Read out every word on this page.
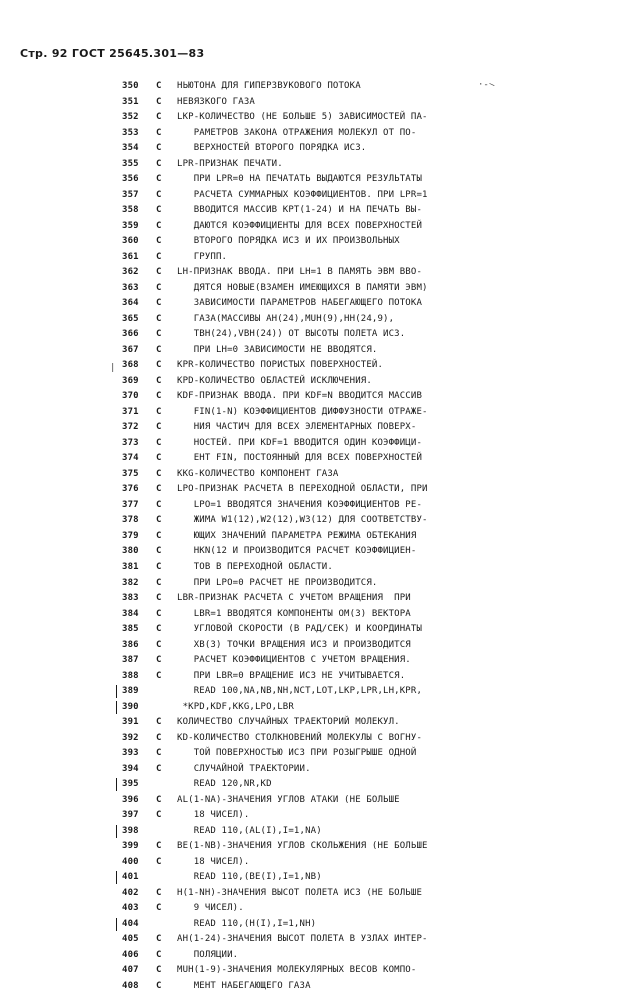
Стр. 92 ГОСТ 25645.301—83
350	C	НЬЮТОНА ДЛЯ ГИПЕРЗВУКОВОГО ПОТОКА
351	C	НЕВЯЗКОГО ГАЗА
352	C	LKP-КОЛИЧЕСТВО (НЕ БОЛЬШЕ 5) ЗАВИСИМОСТЕЙ ПА-
353	C	РАМЕТРОВ ЗАКОНА ОТРАЖЕНИЯ МОЛЕКУЛ ОТ ПО-
354	C	ВЕРХНОСТЕЙ ВТОРОГО ПОРЯДКА ИСЗ.
355	C	LPR-ПРИЗНАК ПЕЧАТИ.
356	C	ПРИ LPR=0 НА ПЕЧАТАТЬ ВЫДАЮТСЯ РЕЗУЛЬТАТЫ
357	C	РАСЧЕТА СУММАРНЫХ КОЭФФИЦИЕНТОВ. ПРИ LPR=1
358	C	ВВОДИТСЯ МАССИВ КРТ(1-24) И НА ПЕЧАТЬ ВЫ-
359	C	ДАЮТСЯ КОЭФФИЦИЕНТЫ ДЛЯ ВСЕХ ПОВЕРХНОСТЕЙ
360	C	ВТОРОГО ПОРЯДКА ИСЗ И ИХ ПРОИЗВОЛЬНЫХ
361	C	ГРУПП.
362	C	LH-ПРИЗНАК ВВОДА. ПРИ LH=1 В ПАМЯТЬ ЭВМ ВВО-
363	C	ДЯТСЯ НОВЫЕ(ВЗАМЕН ИМЕЮЩИХСЯ В ПАМЯТИ ЭВМ)
364	C	ЗАВИСИМОСТИ ПАРАМЕТРОВ НАБЕГАЮЩЕГО ПОТОКА
365	C	ГАЗА(МАССИВЫ АН(24),МUН(9),НН(24,9),
366	C	TBH(24),VBH(24)) ОТ ВЫСОТЫ ПОЛЕТА ИСЗ.
367	C	ПРИ LH=0 ЗАВИСИМОСТИ НЕ ВВОДЯТСЯ.
368	C	KPR-КОЛИЧЕСТВО ПОРИСТЫХ ПОВЕРХНОСТЕЙ.
369	C	KPD-КОЛИЧЕСТВО ОБЛАСТЕЙ ИСКЛЮЧЕНИЯ.
370	C	KDF-ПРИЗНАК ВВОДА. ПРИ KDF=N ВВОДИТСЯ МАССИВ
371	C	FIN(1-N) КОЭФФИЦИЕНТОВ ДИФФУЗНОСТИ ОТРАЖЕ-
372	C	НИЯ ЧАСТИЧ ДЛЯ ВСЕХ ЭЛЕМЕНТАРНЫХ ПОВЕРХ-
373	C	НОСТЕЙ. ПРИ KDF=1 ВВОДИТСЯ ОДИН КОЭФФИЦИ-
374	C	ЕНТ FIN, ПОСТОЯННЫЙ ДЛЯ ВСЕХ ПОВЕРХНОСТЕЙ
375	C	KKG-КОЛИЧЕСТВО КОМПОНЕНТ ГАЗА
376	C	LPO-ПРИЗНАК РАСЧЕТА В ПЕРЕХОДНОЙ ОБЛАСТИ, ПРИ
377	C	LPO=1 ВВОДЯТСЯ ЗНАЧЕНИЯ КОЭФФИЦИЕНТОВ РЕ-
378	C	ЖИМА W1(12),W2(12),W3(12) ДЛЯ СООТВЕТСТВУ-
379	C	ЮЩИХ ЗНАЧЕНИЙ ПАРАМЕТРА РЕЖИМА ОБТЕКАНИЯ
380	C	НКN(12 И ПРОИЗВОДИТСЯ РАСЧЕТ КОЭФФИЦИЕН-
381	C	ТОВ В ПЕРЕХОДНОЙ ОБЛАСТИ.
382	C	ПРИ LPO=0 РАСЧЕТ НЕ ПРОИЗВОДИТСЯ.
383	C	LBR-ПРИЗНАК РАСЧЕТА С УЧЕТОМ ВРАЩЕНИЯ  ПРИ
384	C	LBR=1 ВВОДЯТСЯ КОМПОНЕНТЫ ОМ(3) ВЕКТОРА
385	C	УГЛОВОЙ СКОРОСТИ (В РАД/СЕК) И КООРДИНАТЫ
386	C	ХВ(3) ТОЧКИ ВРАЩЕНИЯ ИСЗ И ПРОИЗВОДИТСЯ
387	C	РАСЧЕТ КОЭФФИЦИЕНТОВ С УЧЕТОМ ВРАЩЕНИЯ.
388	C	ПРИ LBR=0 ВРАЩЕНИЕ ИСЗ НЕ УЧИТЫВАЕТСЯ.
389	READ 100,NA,NB,NH,NCT,LOT,LKP,LPR,LH,KPR,
390	*KPD,KDF,KKG,LPO,LBR
391	C	КОЛИЧЕСТВО СЛУЧАЙНЫХ ТРАЕКТОРИЙ МОЛЕКУЛ.
392	C	KD-КОЛИЧЕСТВО СТОЛКНОВЕНИЙ МОЛЕКУЛЫ С ВОГНУ-
393	C	ТОЙ ПОВЕРХНОСТЬЮ ИСЗ ПРИ РОЗЫГРЫШЕ ОДНОЙ
394	C	СЛУЧАЙНОЙ ТРАЕКТОРИИ.
395	READ 120,NR,KD
396	C	AL(1-NA)-ЗНАЧЕНИЯ УГЛОВ АТАКИ (НЕ БОЛЬШЕ
397	C	18 ЧИСЕЛ).
398	READ 110,(AL(I),I=1,NA)
399	C	BE(1-NB)-ЗНАЧЕНИЯ УГЛОВ СКОЛЬЖЕНИЯ (НЕ БОЛЬШЕ
400	C	18 ЧИСЕЛ).
401	READ 110,(BE(I),I=1,NB)
402	C	H(1-NH)-ЗНАЧЕНИЯ ВЫСОТ ПОЛЕТА ИСЗ (НЕ БОЛЬШЕ
403	C	9 ЧИСЕЛ).
404	READ 110,(H(I),I=1,NH)
405	C	AH(1-24)-ЗНАЧЕНИЯ ВЫСОТ ПОЛЕТА В УЗЛАХ ИНТЕР-
406	C	ПОЛЯЦИИ.
407	C	МUН(1-9)-ЗНАЧЕНИЯ МОЛЕКУЛЯРНЫХ ВЕСОВ КОМПО-
408	C	МЕНТ НАБЕГАЮЩЕГО ГАЗА
·-—
|
